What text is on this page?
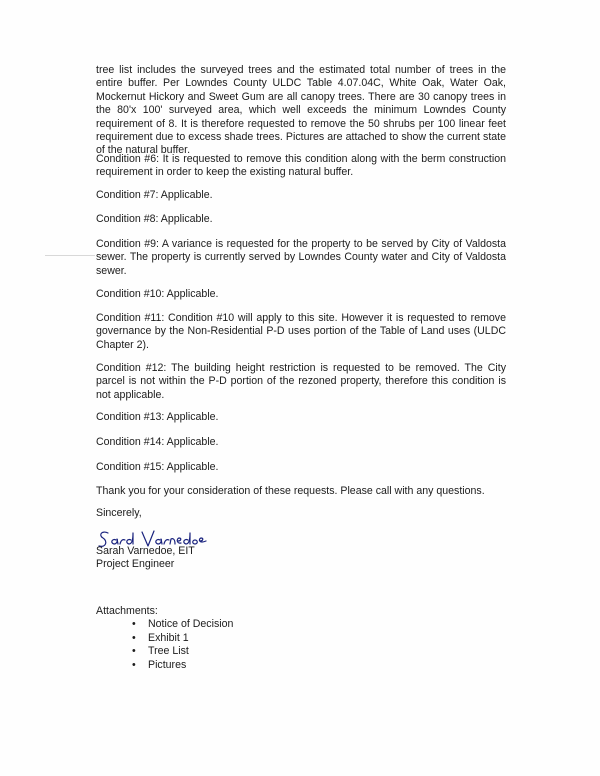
tree list includes the surveyed trees and the estimated total number of trees in the entire buffer. Per Lowndes County ULDC Table 4.07.04C, White Oak, Water Oak, Mockernut Hickory and Sweet Gum are all canopy trees. There are 30 canopy trees in the 80'x 100' surveyed area, which well exceeds the minimum Lowndes County requirement of 8. It is therefore requested to remove the 50 shrubs per 100 linear feet requirement due to excess shade trees. Pictures are attached to show the current state of the natural buffer.

Condition #6: It is requested to remove this condition along with the berm construction requirement in order to keep the existing natural buffer.

Condition #7: Applicable.

Condition #8: Applicable.

Condition #9: A variance is requested for the property to be served by City of Valdosta sewer. The property is currently served by Lowndes County water and City of Valdosta sewer.

Condition #10: Applicable.

Condition #11: Condition #10 will apply to this site. However it is requested to remove governance by the Non-Residential P-D uses portion of the Table of Land uses (ULDC Chapter 2).

Condition #12: The building height restriction is requested to be removed. The City parcel is not within the P-D portion of the rezoned property, therefore this condition is not applicable.

Condition #13: Applicable.

Condition #14: Applicable.

Condition #15: Applicable.

Thank you for your consideration of these requests. Please call with any questions.

Sincerely,
Sarah Varnedoe, EIT
Project Engineer
Attachments:
• Notice of Decision
• Exhibit 1
• Tree List
• Pictures
